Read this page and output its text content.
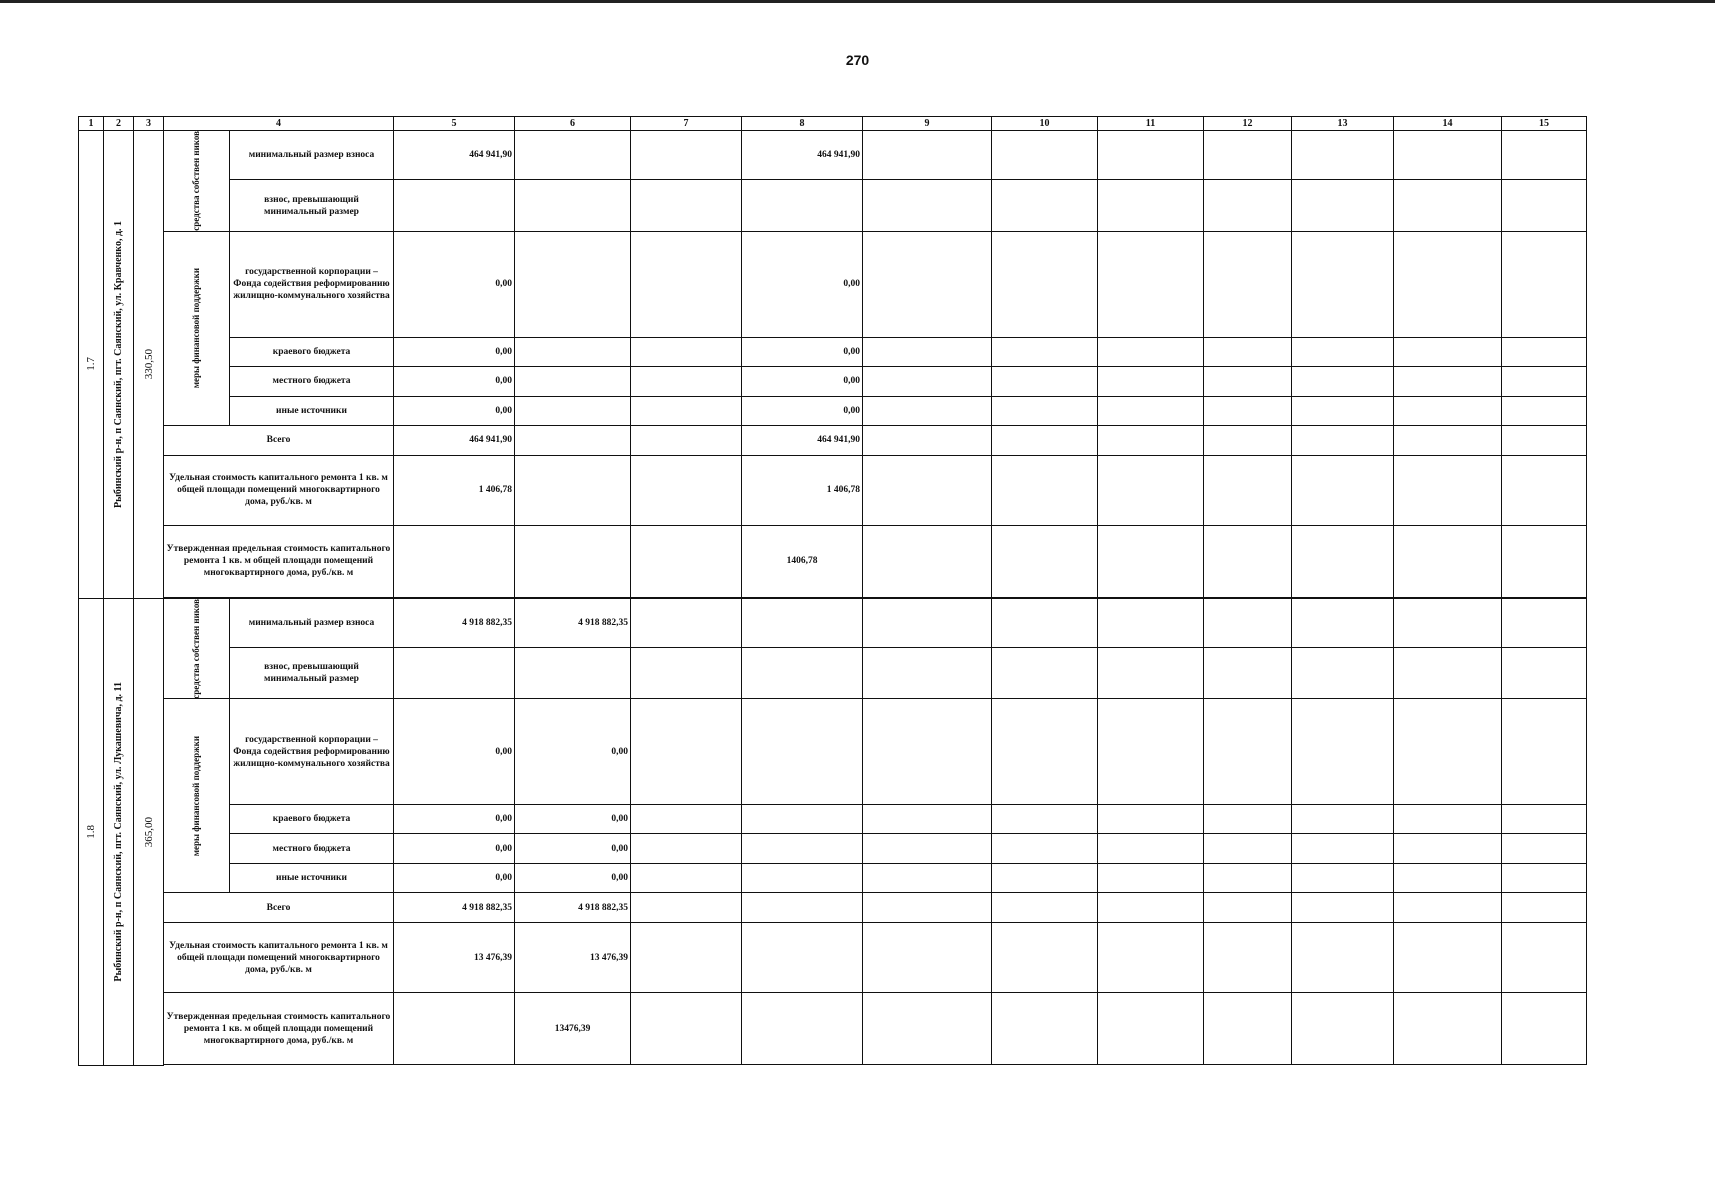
270
1	2	3	4		5	6	7	8	9	10	11	12	13	14	15

1.7	Рыбинский р-н, п Саянский, пгт. Саянский, ул. Кравченко, д. 1	330,50	средства собствен ников	минимальный размер взноса	464 941,90			464 941,90							
				взнос, превышающий минимальный размер											

			меры финансовой поддержки	государственной корпорации – Фонда содействия реформированию жилищно-коммунального хозяйства	0,00			0,00							
				краевого бюджета	0,00			0,00							
				местного бюджета	0,00			0,00							
				иные источники	0,00			0,00							
			Всего		464 941,90			464 941,90							
			Удельная стоимость капитального ремонта 1 кв. м общей площади помещений многоквартирного дома, руб./кв. м		1 406,78			1 406,78							
			Утвержденная предельная стоимость капитального ремонта 1 кв. м общей площади помещений многоквартирного дома, руб./кв. м					1406,78							

1.8	Рыбинский р-н, п Саянский, пгт. Саянский, ул. Лукашевича, д. 11	365,00	средства собствен ников	минимальный размер взноса	4 918 882,35	4 918 882,35									
				взнос, превышающий минимальный размер											

			меры финансовой поддержки	государственной корпорации – Фонда содействия реформированию жилищно-коммунального хозяйства	0,00	0,00									
				краевого бюджета	0,00	0,00									
				местного бюджета	0,00	0,00									
				иные источники	0,00	0,00									
			Всего		4 918 882,35	4 918 882,35									
			Удельная стоимость капитального ремонта 1 кв. м общей площади помещений многоквартирного дома, руб./кв. м		13 476,39	13 476,39									
			Утвержденная предельная стоимость капитального ремонта 1 кв. м общей площади помещений многоквартирного дома, руб./кв. м			13476,39									
